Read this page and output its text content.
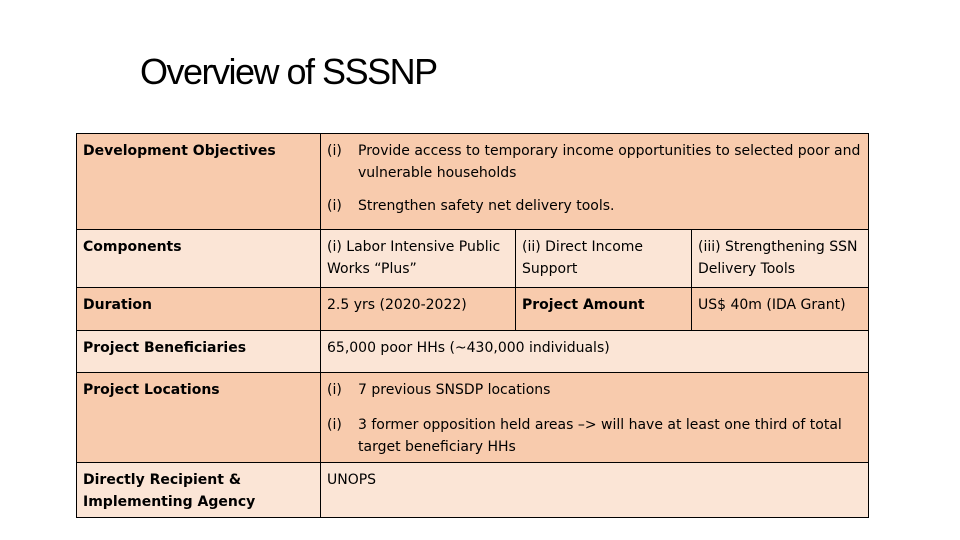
Overview of SSSNP
Development Objectives	(i) Provide access to temporary income opportunities to selected poor and vulnerable households
(i) Strengthen safety net delivery tools.		

Components	(i) Labor Intensive Public Works “Plus”	(ii) Direct Income Support	(iii) Strengthening SSN Delivery Tools
Duration	2.5 yrs (2020-2022)	Project Amount	US$ 40m (IDA Grant)
Project Beneficiaries	65,000 poor HHs (~430,000 individuals)		
Project Locations	(i) 7 previous SNSDP locations
(i) 3 former opposition held areas –> will have at least one third of total target beneficiary HHs		

Directly Recipient & Implementing Agency	UNOPS		
